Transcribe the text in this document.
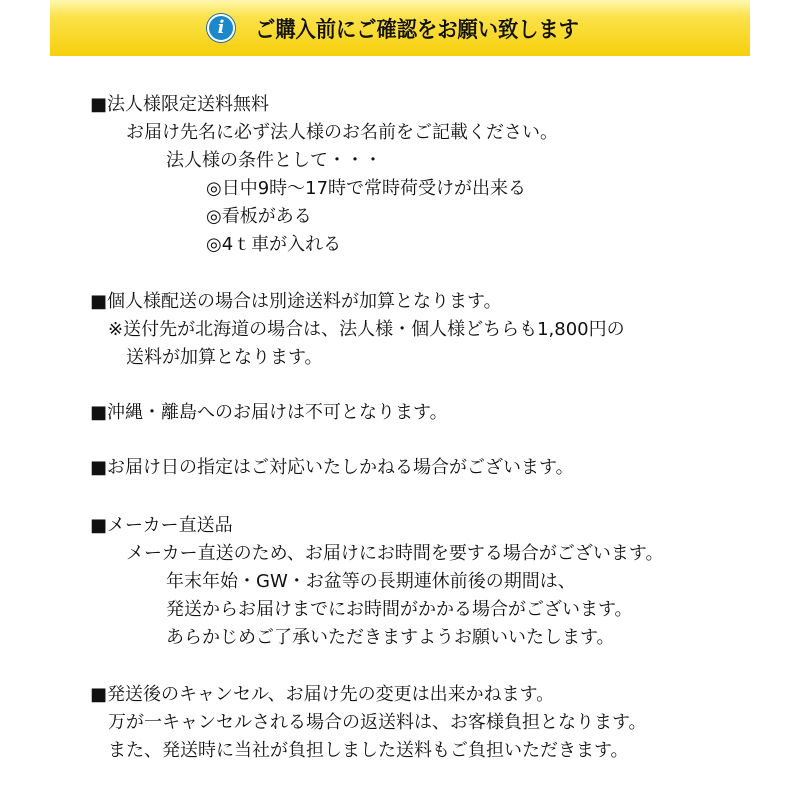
i	ご購入前にご確認をお願い致します
■法人様限定送料無料
お届け先名に必ず法人様のお名前をご記載ください。
法人様の条件として・・・
◎日中9時～17時で常時荷受けが出来る
◎看板がある
◎4ｔ車が入れる
■個人様配送の場合は別途送料が加算となります。
※送付先が北海道の場合は、法人様・個人様どちらも1,800円の
送料が加算となります。
■沖縄・離島へのお届けは不可となります。
■お届け日の指定はご対応いたしかねる場合がございます。
■メーカー直送品
メーカー直送のため、お届けにお時間を要する場合がございます。
年末年始・GW・お盆等の長期連休前後の期間は、
発送からお届けまでにお時間がかかる場合がございます。
あらかじめご了承いただきますようお願いいたします。
■発送後のキャンセル、お届け先の変更は出来かねます。
万が一キャンセルされる場合の返送料は、お客様負担となります。
また、発送時に当社が負担しました送料もご負担いただきます。
